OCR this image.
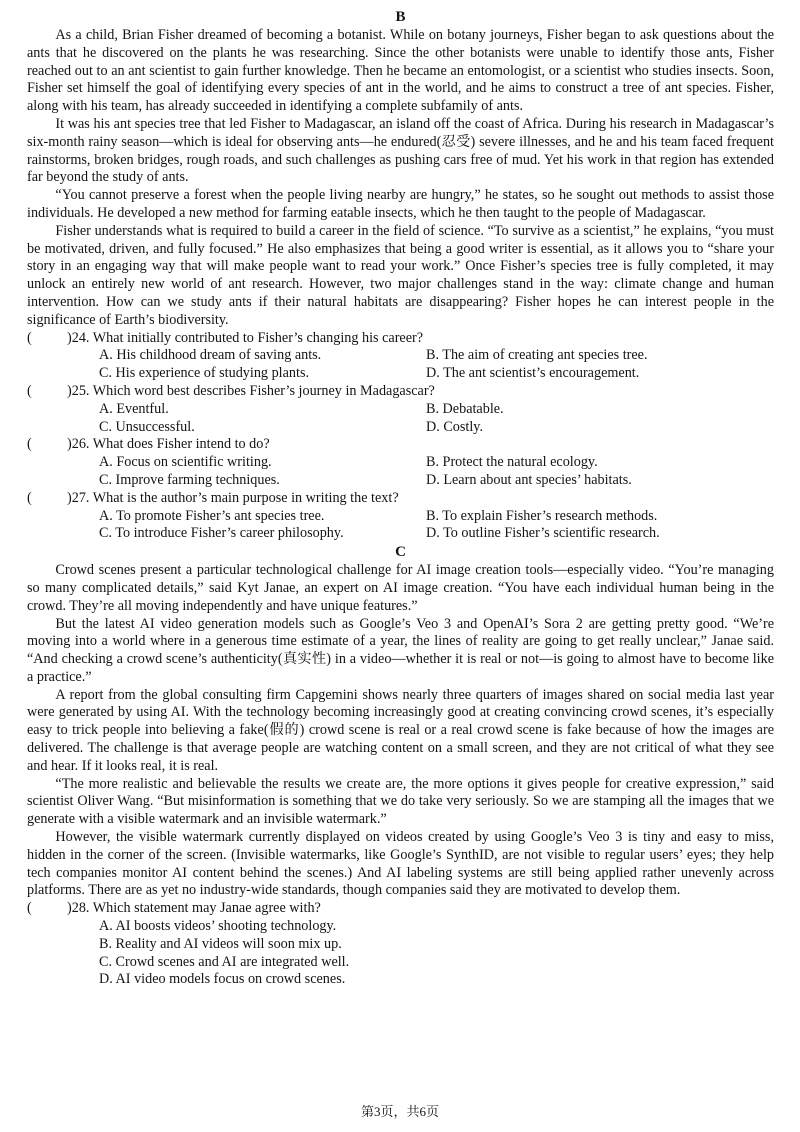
B

As a child, Brian Fisher dreamed of becoming a botanist. While on botany journeys, Fisher began to ask questions about the ants that he discovered on the plants he was researching. Since the other botanists were unable to identify those ants, Fisher reached out to an ant scientist to gain further knowledge. Then he became an entomologist, or a scientist who studies insects. Soon, Fisher set himself the goal of identifying every species of ant in the world, and he aims to construct a tree of ant species. Fisher, along with his team, has already succeeded in identifying a complete subfamily of ants.

It was his ant species tree that led Fisher to Madagascar, an island off the coast of Africa. During his research in Madagascar’s six-month rainy season—which is ideal for observing ants—he endured(忍受) severe illnesses, and he and his team faced frequent rainstorms, broken bridges, rough roads, and such challenges as pushing cars free of mud. Yet his work in that region has extended far beyond the study of ants.

“You cannot preserve a forest when the people living nearby are hungry,” he states, so he sought out methods to assist those individuals. He developed a new method for farming eatable insects, which he then taught to the people of Madagascar.

Fisher understands what is required to build a career in the field of science. “To survive as a scientist,” he explains, “you must be motivated, driven, and fully focused.” He also emphasizes that being a good writer is essential, as it allows you to “share your story in an engaging way that will make people want to read your work.” Once Fisher’s species tree is fully completed, it may unlock an entirely new world of ant research. However, two major challenges stand in the way: climate change and human intervention. How can we study ants if their natural habitats are disappearing? Fisher hopes he can interest people in the significance of Earth’s biodiversity.

(	)24. What initially contributed to Fisher’s changing his career?
A. His childhood dream of saving ants.	B. The aim of creating ant species tree.
C. His experience of studying plants.	D. The ant scientist’s encouragement.
(	)25. Which word best describes Fisher’s journey in Madagascar?
A. Eventful.	B. Debatable.
C. Unsuccessful.	D. Costly.
(	)26. What does Fisher intend to do?
A. Focus on scientific writing.	B. Protect the natural ecology.
C. Improve farming techniques.	D. Learn about ant species’ habitats.
(	)27. What is the author’s main purpose in writing the text?
A. To promote Fisher’s ant species tree.	B. To explain Fisher’s research methods.
C. To introduce Fisher’s career philosophy.	D. To outline Fisher’s scientific research.
C

Crowd scenes present a particular technological challenge for AI image creation tools—especially video. “You’re managing so many complicated details,” said Kyt Janae, an expert on AI image creation. “You have each individual human being in the crowd. They’re all moving independently and have unique features.”

But the latest AI video generation models such as Google’s Veo 3 and OpenAI’s Sora 2 are getting pretty good. “We’re moving into a world where in a generous time estimate of a year, the lines of reality are going to get really unclear,” Janae said. “And checking a crowd scene’s authenticity(真实性) in a video—whether it is real or not—is going to almost have to become like a practice.”

A report from the global consulting firm Capgemini shows nearly three quarters of images shared on social media last year were generated by using AI. With the technology becoming increasingly good at creating convincing crowd scenes, it’s especially easy to trick people into believing a fake(假的) crowd scene is real or a real crowd scene is fake because of how the images are delivered. The challenge is that average people are watching content on a small screen, and they are not critical of what they see and hear. If it looks real, it is real.

“The more realistic and believable the results we create are, the more options it gives people for creative expression,” said scientist Oliver Wang. “But misinformation is something that we do take very seriously. So we are stamping all the images that we generate with a visible watermark and an invisible watermark.”

However, the visible watermark currently displayed on videos created by using Google’s Veo 3 is tiny and easy to miss, hidden in the corner of the screen. (Invisible watermarks, like Google’s SynthID, are not visible to regular users’ eyes; they help tech companies monitor AI content behind the scenes.) And AI labeling systems are still being applied rather unevenly across platforms. There are as yet no industry-wide standards, though companies said they are motivated to develop them.

(	)28. Which statement may Janae agree with?
A. AI boosts videos’ shooting technology.
B. Reality and AI videos will soon mix up.
C. Crowd scenes and AI are integrated well.
D. AI video models focus on crowd scenes.
第3页，共6页
